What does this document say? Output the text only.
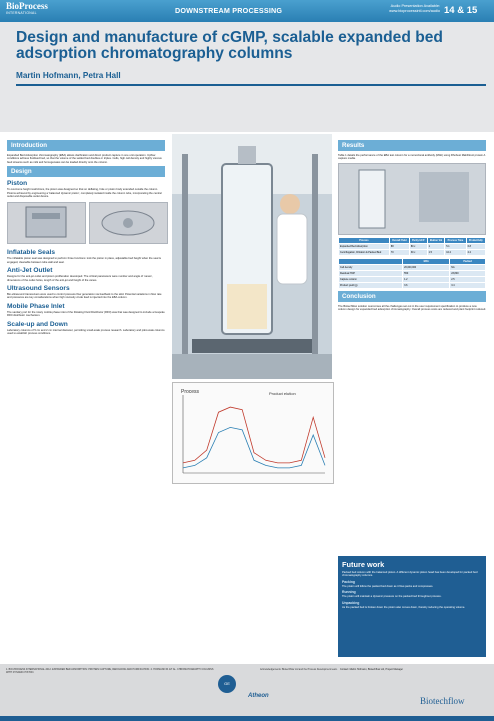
BioProcess
INTERNATIONAL	DOWNSTREAM PROCESSING	Audio Presentation Available:
www.bioprocessintl.com/audio 14 & 15
Design and manufacture of cGMP, scalable expanded bed adsorption chromatography columns
Martin Hofmann, Petra Hall
Introduction

Expanded Bed Adsorption chromatography (EBA) allows clarification and direct product capture in one unit operation. Upflow conditions achieve fluidised bed, so that the volume of the settled bed doubles or triples. Cells, high cell density and highly viscous feed streams such as milk and homogenates can be loaded directly onto the column.

Design
Piston

To overcome height restrictions, the piston was designed so that on deflating, hole or piston body extended outside the column. Pistons achieved by engineering a 'balanced dynamic piston', completely isolated inside the column tube, incorporating the central outlet and disposable outlet device.

Inflatable Seals

The inflatable piston seal was designed to perform three functions: lock the piston in place, adjustable bed height when the seal is engaged, cleanable between tube wall and seal.

Anti-Jet Outlet

Designs for the anti-jet outlet and piston proliferation developed. The critical parameters were number and angle of 'vanes', dimensions of the outlet holes, length of the anti-jet and height of the vanes.

Ultrasound Sensors

Bio-ultrasound transceivers were used to control pressure flow generation via feedback to the skid. Potential variations in flow rate and pressures are key considerations when high viscosity crude feed is injected into the EBA column.

Mobile Phase Inlet

The sanitary port for the rotary mobile phase inlet of the Rotating Fluid Distributor (RFD) was that was designed to include a bespoke RFD distributor mechanism.

Scale-up and Down

Laboratory columns of 5 cm and 2 cm internal diameter, permitting small-scale process research. Laboratory and pilot-scale columns used to establish process conditions.

Process	Product elution
Results

Table 1 details the performance of the EBA test column for a monoclonal antibody (MAb) using Rhobust MabDirect protein A capture media.

Process	Overall Yield	Purity HCP	Elution Vol	Process Time	Productivity
Expanded Bed Adsorption	88	80 x	1	5.1	6.8
Centrifugation, Filtration & Packed Bed	70	30 x	1.5	10.2	2.2
	EBA	Packed
Cell density	20,000,000	NA
Residual HCP	550	23,800
Capture column	1.2	2.5
Product yield (g)	3.6	3.4
Conclusion

The Biotechflow solution overcomes all the challenges set out in the user requirement specification to produce a new column design for expanded bed adsorption chromatography. Overall process costs are reduced and plant footprint reduced.

Future work

Packed bed column with the balanced piston. A different dynamic piston head has been developed for packed bed chromatography columns.

Packing

The piston will follow the packed bed down as it flow-packs and compresses.

Running

The piston will maintain a dynamic pressure on the packed bed throughout process.

Unpacking

As the packed bed is broken down the piston also moves down, thereby reducing the operating volume.

1. BIO-PROCESS INTERNATIONAL 2012. EXPANDED BED ADSORPTION: PROTEIN CAPTURE, REFOLDING AND PURIFICATION. 2. HOFMANN M. ET AL. CHROMATOGRAPHY COLUMNS WITH DYNAMIC PISTON.
GE
Atheon
Acknowledgements: Biotechflow Ltd and the Process Development team. Contact: Martin Hofmann, Biotechflow Ltd, Project Manager
Biotechflow
